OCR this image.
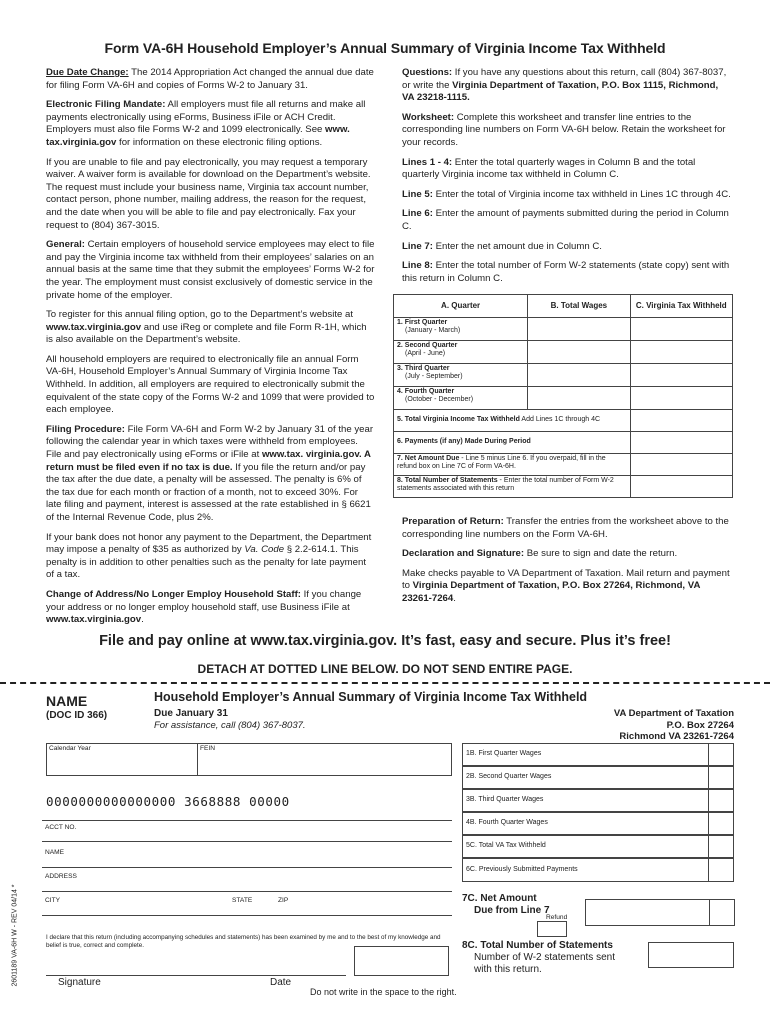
Form VA-6H Household Employer’s Annual Summary of Virginia Income Tax Withheld

Due Date Change: The 2014 Appropriation Act changed the annual due date for filing Form VA-6H and copies of Forms W-2 to January 31.

Electronic Filing Mandate: All employers must file all returns and make all payments electronically using eForms, Business iFile or ACH Credit. Employers must also file Forms W-2 and 1099 electronically. See www. tax.virginia.gov for information on these electronic filing options.

If you are unable to file and pay electronically, you may request a temporary waiver. A waiver form is available for download on the Department’s website. The request must include your business name, Virginia tax account number, contact person, phone number, mailing address, the reason for the request, and the date when you will be able to file and pay electronically. Fax your request to (804) 367-3015.

General: Certain employers of household service employees may elect to file and pay the Virginia income tax withheld from their employees’ salaries on an annual basis at the same time that they submit the employees’ Forms W-2 for the year. The employment must consist exclusively of domestic service in the private home of the employer.

To register for this annual filing option, go to the Department’s website at www.tax.virginia.gov and use iReg or complete and file Form R-1H, which is also available on the Department’s website.

All household employers are required to electronically file an annual Form VA-6H, Household Employer’s Annual Summary of Virginia Income Tax Withheld. In addition, all employers are required to electronically submit the equivalent of the state copy of the Forms W-2 and 1099 that were provided to each employee.

Filing Procedure: File Form VA-6H and Form W-2 by January 31 of the year following the calendar year in which taxes were withheld from employees. File and pay electronically using eForms or iFile at www.tax. virginia.gov. A return must be filed even if no tax is due. If you file the return and/or pay the tax after the due date, a penalty will be assessed. The penalty is 6% of the tax due for each month or fraction of a month, not to exceed 30%. For late filing and payment, interest is assessed at the rate established in § 6621 of the Internal Revenue Code, plus 2%.

If your bank does not honor any payment to the Department, the Department may impose a penalty of $35 as authorized by Va. Code § 2.2-614.1. This penalty is in addition to other penalties such as the penalty for late payment of a tax.

Change of Address/No Longer Employ Household Staff: If you change your address or no longer employ household staff, use Business iFile at www.tax.virginia.gov.

Questions: If you have any questions about this return, call (804) 367-8037, or write the Virginia Department of Taxation, P.O. Box 1115, Richmond, VA 23218-1115.

Worksheet: Complete this worksheet and transfer line entries to the corresponding line numbers on Form VA-6H below. Retain the worksheet for your records.

Lines 1 - 4: Enter the total quarterly wages in Column B and the total quarterly Virginia income tax withheld in Column C.

Line 5: Enter the total of Virginia income tax withheld in Lines 1C through 4C.

Line 6: Enter the amount of payments submitted during the period in Column C.

Line 7: Enter the net amount due in Column C.

Line 8: Enter the total number of Form W-2 statements (state copy) sent with this return in Column C.

A. Quarter	B. Total Wages	C. Virginia Tax Withheld

1. First Quarter
(January - March)		

2. Second Quarter
(April - June)		

3. Third Quarter
(July - September)		

4. Fourth Quarter
(October - December)		

5. Total Virginia Income Tax Withheld Add Lines 1C through 4C		
6. Payments (if any) Made During Period		
7. Net Amount Due - Line 5 minus Line 6. If you overpaid, fill in the refund box on Line 7C of Form VA-6H.		
8. Total Number of Statements - Enter the total number of Form W-2 statements associated with this return		

Preparation of Return: Transfer the entries from the worksheet above to the corresponding line numbers on the Form VA-6H.

Declaration and Signature: Be sure to sign and date the return.

Make checks payable to VA Department of Taxation. Mail return and payment to Virginia Department of Taxation, P.O. Box 27264, Richmond, VA 23261-7264.

File and pay online at www.tax.virginia.gov. It’s fast, easy and secure. Plus it’s free!
DETACH AT DOTTED LINE BELOW. DO NOT SEND ENTIRE PAGE.
NAME
(DOC ID 366)
Household Employer’s Annual Summary of Virginia Income Tax Withheld
Due January 31
For assistance, call (804) 367-8037.
VA Department of Taxation
P.O. Box 27264
Richmond VA 23261-7264
Calendar Year	FEIN
0000000000000000 3668888 00000
ACCT NO.
NAME
ADDRESS
CITY	STATE	ZIP
I declare that this return (including accompanying schedules and statements) has been examined by me and to the best of my knowledge and belief is true, correct and complete.
Signature	Date
Do not write in the space to the right.
2601189 VA-6H W - REV 04/14 *
1B. First Quarter Wages
2B. Second Quarter Wages
3B. Third Quarter Wages
4B. Fourth Quarter Wages
5C. Total VA Tax Withheld
6C. Previously Submitted Payments
7C. Net Amount
Due from Line 7
Refund
8C. Total Number of Statements
Number of W-2 statements sent
with this return.
